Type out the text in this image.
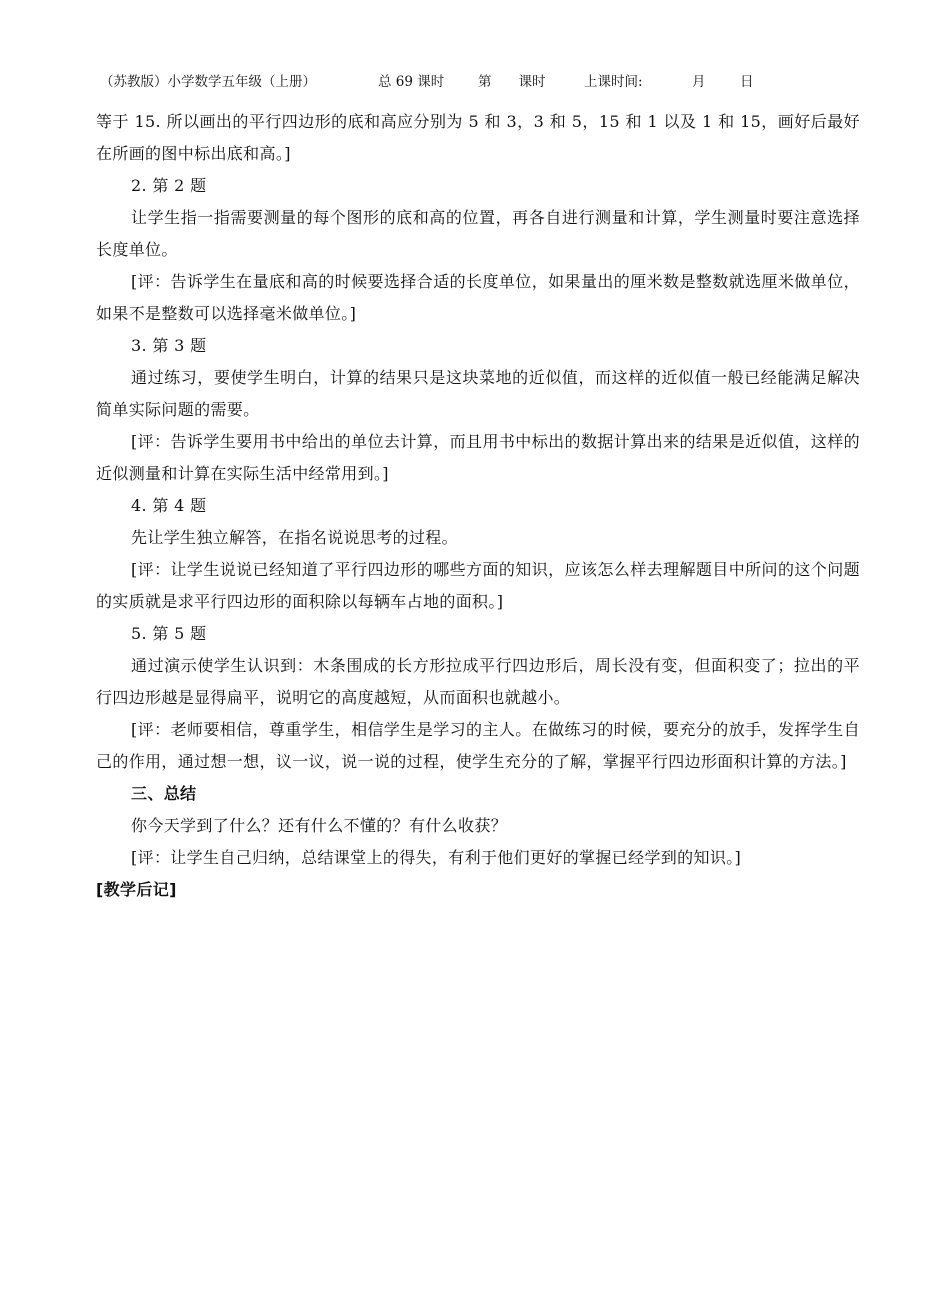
（苏教版）小学数学五年级（上册）	总 69 课时 第　　课时	上课时间:	月	日

等于 15. 所以画出的平行四边形的底和高应分别为 5 和 3，3 和 5，15 和 1 以及 1 和 15，画好后最好在所画的图中标出底和高。]

2. 第 2 题

让学生指一指需要测量的每个图形的底和高的位置，再各自进行测量和计算，学生测量时要注意选择长度单位。

[评：告诉学生在量底和高的时候要选择合适的长度单位，如果量出的厘米数是整数就选厘米做单位，如果不是整数可以选择毫米做单位。]

3. 第 3 题

通过练习，要使学生明白，计算的结果只是这块菜地的近似值，而这样的近似值一般已经能满足解决简单实际问题的需要。

[评：告诉学生要用书中给出的单位去计算，而且用书中标出的数据计算出来的结果是近似值，这样的近似测量和计算在实际生活中经常用到。]

4. 第 4 题

先让学生独立解答，在指名说说思考的过程。

[评：让学生说说已经知道了平行四边形的哪些方面的知识，应该怎么样去理解题目中所问的这个问题的实质就是求平行四边形的面积除以每辆车占地的面积。]

5. 第 5 题

通过演示使学生认识到：木条围成的长方形拉成平行四边形后，周长没有变，但面积变了；拉出的平行四边形越是显得扁平，说明它的高度越短，从而面积也就越小。

[评：老师要相信，尊重学生，相信学生是学习的主人。在做练习的时候，要充分的放手，发挥学生自己的作用，通过想一想，议一议，说一说的过程，使学生充分的了解，掌握平行四边形面积计算的方法。]

三、总结

你今天学到了什么？还有什么不懂的？有什么收获？

[评：让学生自己归纳，总结课堂上的得失，有利于他们更好的掌握已经学到的知识。]

[教学后记]
